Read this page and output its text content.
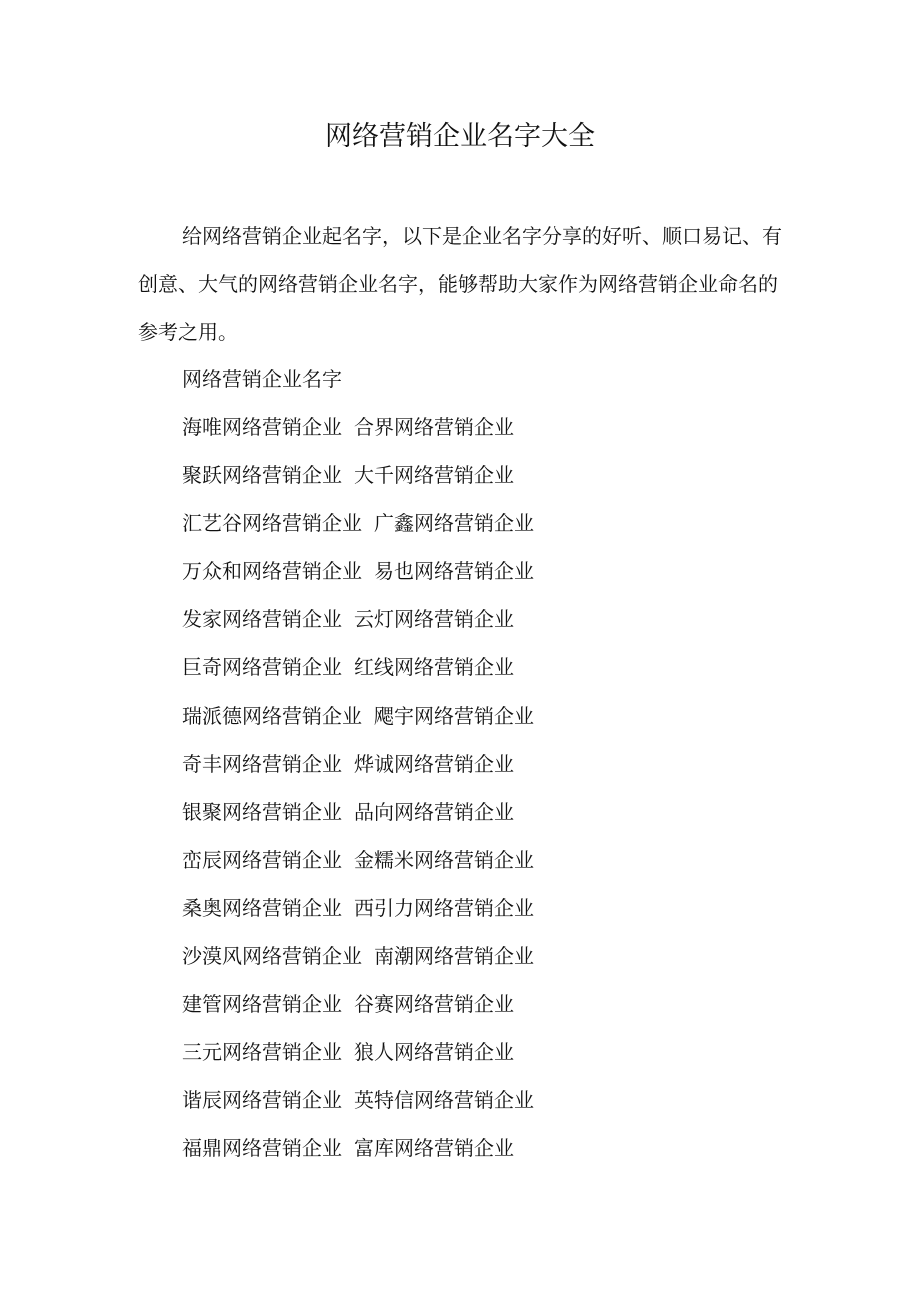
网络营销企业名字大全

给网络营销企业起名字，以下是企业名字分享的好听、顺口易记、有创意、大气的网络营销企业名字，能够帮助大家作为网络营销企业命名的参考之用。

网络营销企业名字

海唯网络营销企业 合界网络营销企业
聚跃网络营销企业 大千网络营销企业
汇艺谷网络营销企业 广鑫网络营销企业
万众和网络营销企业 易也网络营销企业
发家网络营销企业 云灯网络营销企业
巨奇网络营销企业 红线网络营销企业
瑞派德网络营销企业 飔宇网络营销企业
奇丰网络营销企业 烨诚网络营销企业
银聚网络营销企业 品向网络营销企业
峦辰网络营销企业 金糯米网络营销企业
桑奥网络营销企业 西引力网络营销企业
沙漠风网络营销企业 南潮网络营销企业
建管网络营销企业 谷赛网络营销企业
三元网络营销企业 狼人网络营销企业
谐辰网络营销企业 英特信网络营销企业
福鼎网络营销企业 富库网络营销企业
